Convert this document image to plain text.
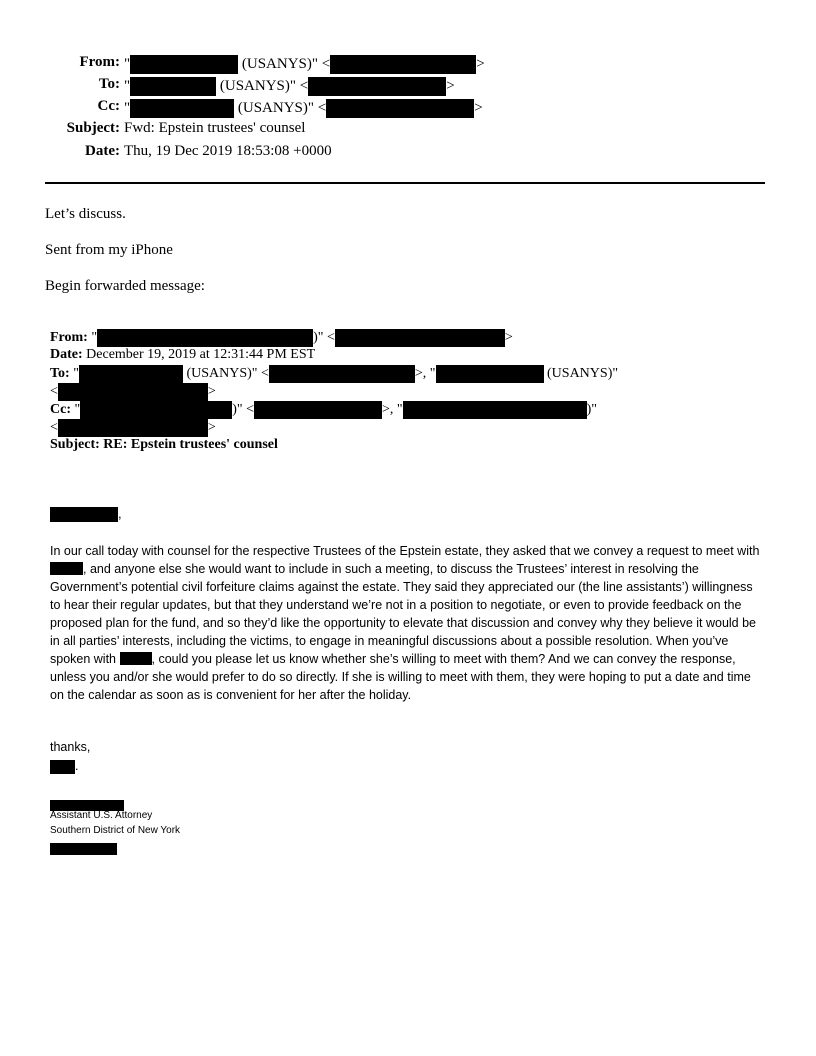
From: "	(USANYS)" <	>
To: "	(USANYS)" <	>
Cc: "	(USANYS)" <	>
Subject: Fwd: Epstein trustees' counsel
Date: Thu, 19 Dec 2019 18:53:08 +0000
Let’s discuss.
Sent from my iPhone
Begin forwarded message:
From: "	)" <	>
Date: December 19, 2019 at 12:31:44 PM EST
To: "	(USANYS)" <	>, "	(USANYS)"
<	>
Cc: "	)" <	>, "	)"
<	>
Subject: RE: Epstein trustees' counsel
,
In our call today with counsel for the respective Trustees of the Epstein estate, they asked that we convey a request to meet with , and anyone else she would want to include in such a meeting, to discuss the Trustees’ interest in resolving the Government’s potential civil forfeiture claims against the estate. They said they appreciated our (the line assistants’) willingness to hear their regular updates, but that they understand we’re not in a position to negotiate, or even to provide feedback on the proposed plan for the fund, and so they’d like the opportunity to elevate that discussion and convey why they believe it would be in all parties’ interests, including the victims, to engage in meaningful discussions about a possible resolution. When you’ve spoken with	, could you please let us know whether she’s willing to meet with them? And we can convey the response, unless you and/or she would prefer to do so directly. If she is willing to meet with them, they were hoping to put a date and time on the calendar as soon as is convenient for her after the holiday.
thanks,
.
Assistant U.S. Attorney
Southern District of New York
